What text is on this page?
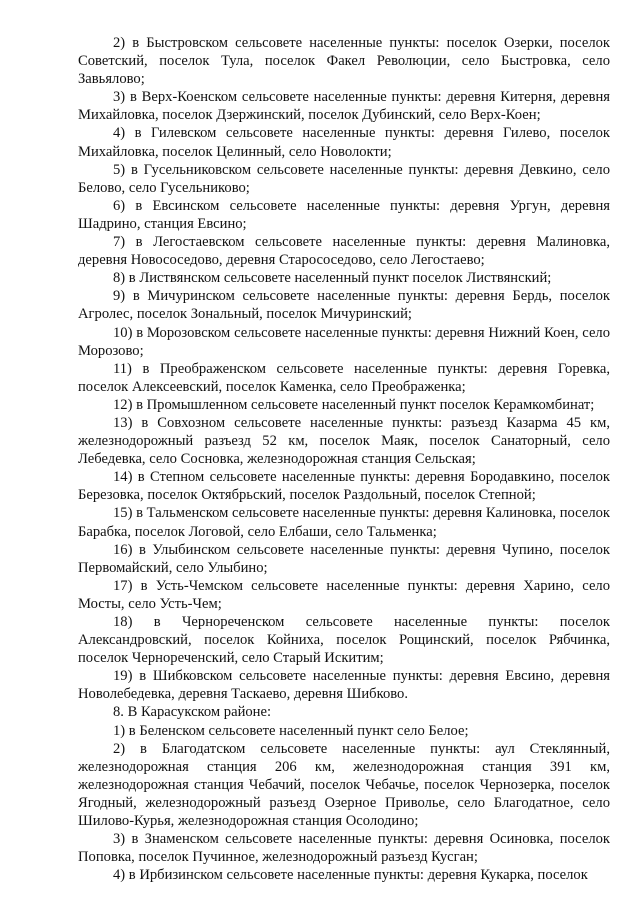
2) в Быстровском сельсовете населенные пункты: поселок Озерки, поселок Советский, поселок Тула, поселок Факел Революции, село Быстровка, село Завьялово;

3) в Верх-Коенском сельсовете населенные пункты: деревня Китерня, деревня Михайловка, поселок Дзержинский, поселок Дубинский, село Верх-Коен;

4) в Гилевском сельсовете населенные пункты: деревня Гилево, поселок Михайловка, поселок Целинный, село Новолокти;

5) в Гусельниковском сельсовете населенные пункты: деревня Девкино, село Белово, село Гусельниково;

6) в Евсинском сельсовете населенные пункты: деревня Ургун, деревня Шадрино, станция Евсино;

7) в Легостаевском сельсовете населенные пункты: деревня Малиновка, деревня Новососедово, деревня Старососедово, село Легостаево;

8) в Листвянском сельсовете населенный пункт поселок Листвянский;

9) в Мичуринском сельсовете населенные пункты: деревня Бердь, поселок Агролес, поселок Зональный, поселок Мичуринский;

10) в Морозовском сельсовете населенные пункты: деревня Нижний Коен, село Морозово;

11) в Преображенском сельсовете населенные пункты: деревня Горевка, поселок Алексеевский, поселок Каменка, село Преображенка;

12) в Промышленном сельсовете населенный пункт поселок Керамкомбинат;

13) в Совхозном сельсовете населенные пункты: разъезд Казарма 45 км, железнодорожный разъезд 52 км, поселок Маяк, поселок Санаторный, село Лебедевка, село Сосновка, железнодорожная станция Сельская;

14) в Степном сельсовете населенные пункты: деревня Бородавкино, поселок Березовка, поселок Октябрьский, поселок Раздольный, поселок Степной;

15) в Тальменском сельсовете населенные пункты: деревня Калиновка, поселок Барабка, поселок Логовой, село Елбаши, село Тальменка;

16) в Улыбинском сельсовете населенные пункты: деревня Чупино, поселок Первомайский, село Улыбино;

17) в Усть-Чемском сельсовете населенные пункты: деревня Харино, село Мосты, село Усть-Чем;

18) в Чернореченском сельсовете населенные пункты: поселок Александровский, поселок Койниха, поселок Рощинский, поселок Рябчинка, поселок Чернореченский, село Старый Искитим;

19) в Шибковском сельсовете населенные пункты: деревня Евсино, деревня Новолебедевка, деревня Таскаево, деревня Шибково.

8. В Карасукском районе:

1) в Беленском сельсовете населенный пункт село Белое;

2) в Благодатском сельсовете населенные пункты: аул Стеклянный, железнодорожная станция 206 км, железнодорожная станция 391 км, железнодорожная станция Чебачий, поселок Чебачье, поселок Чернозерка, поселок Ягодный, железнодорожный разъезд Озерное Приволье, село Благодатное, село Шилово-Курья, железнодорожная станция Осолодино;

3) в Знаменском сельсовете населенные пункты: деревня Осиновка, поселок Поповка, поселок Пучинное, железнодорожный разъезд Кусган;

4) в Ирбизинском сельсовете населенные пункты: деревня Кукарка, поселок
